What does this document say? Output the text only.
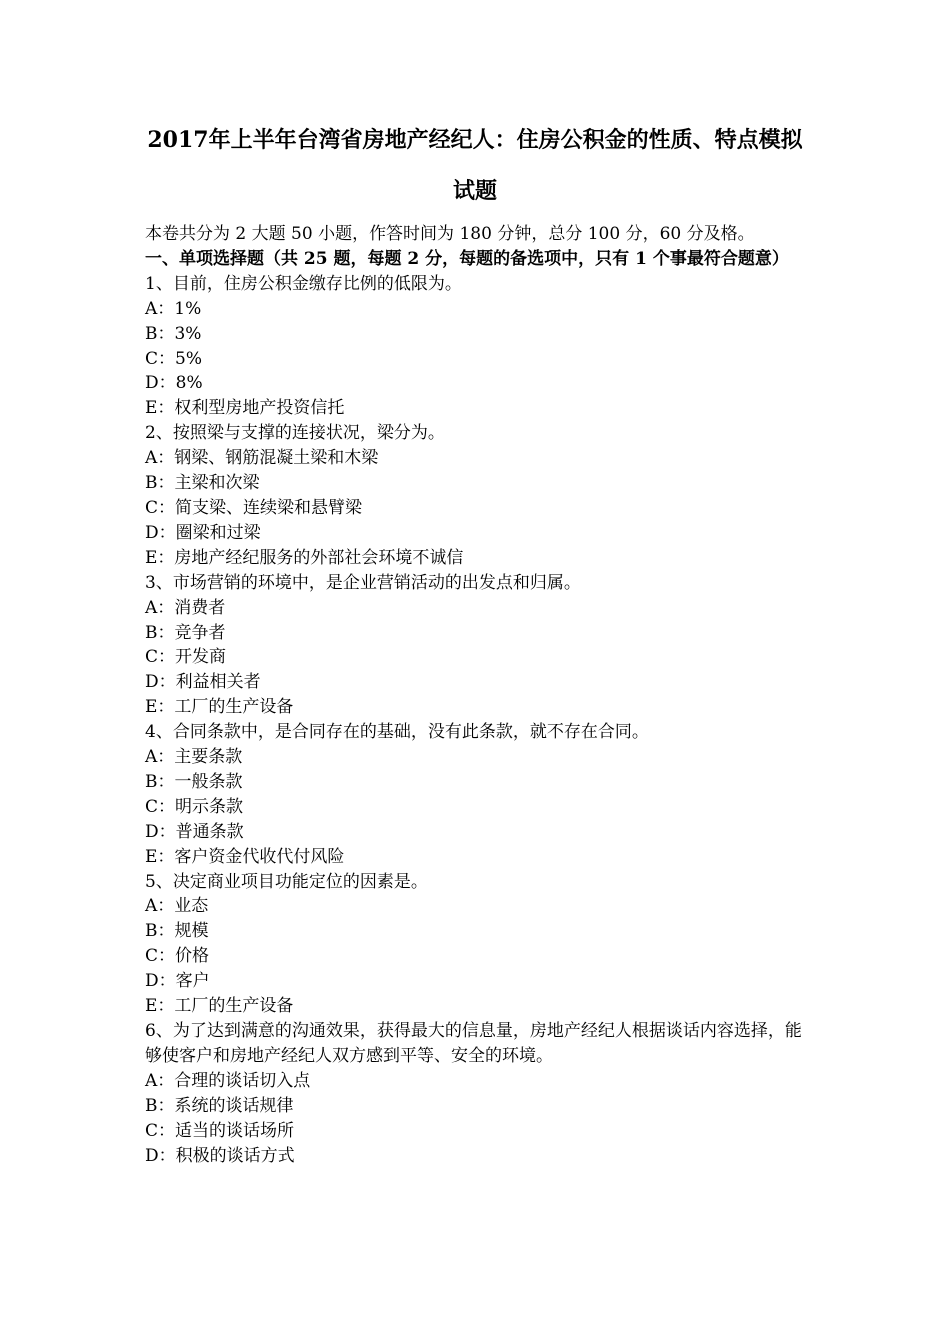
2017年上半年台湾省房地产经纪人：住房公积金的性质、特点模拟
试题

本卷共分为 2 大题 50 小题，作答时间为 180 分钟，总分 100 分，60 分及格。

一、单项选择题（共 25 题，每题 2 分，每题的备选项中，只有 1 个事最符合题意）

1、目前，住房公积金缴存比例的低限为。

A：1%

B：3%

C：5%

D：8%

E：权利型房地产投资信托

2、按照梁与支撑的连接状况，梁分为。

A：钢梁、钢筋混凝土梁和木梁

B：主梁和次梁

C：简支梁、连续梁和悬臂梁

D：圈梁和过梁

E：房地产经纪服务的外部社会环境不诚信

3、市场营销的环境中，是企业营销活动的出发点和归属。

A：消费者

B：竞争者

C：开发商

D：利益相关者

E：工厂的生产设备

4、合同条款中，是合同存在的基础，没有此条款，就不存在合同。

A：主要条款

B：一般条款

C：明示条款

D：普通条款

E：客户资金代收代付风险

5、决定商业项目功能定位的因素是。

A：业态

B：规模

C：价格

D：客户

E：工厂的生产设备

6、为了达到满意的沟通效果，获得最大的信息量，房地产经纪人根据谈话内容选择，能够使客户和房地产经纪人双方感到平等、安全的环境。

A：合理的谈话切入点

B：系统的谈话规律

C：适当的谈话场所

D：积极的谈话方式
